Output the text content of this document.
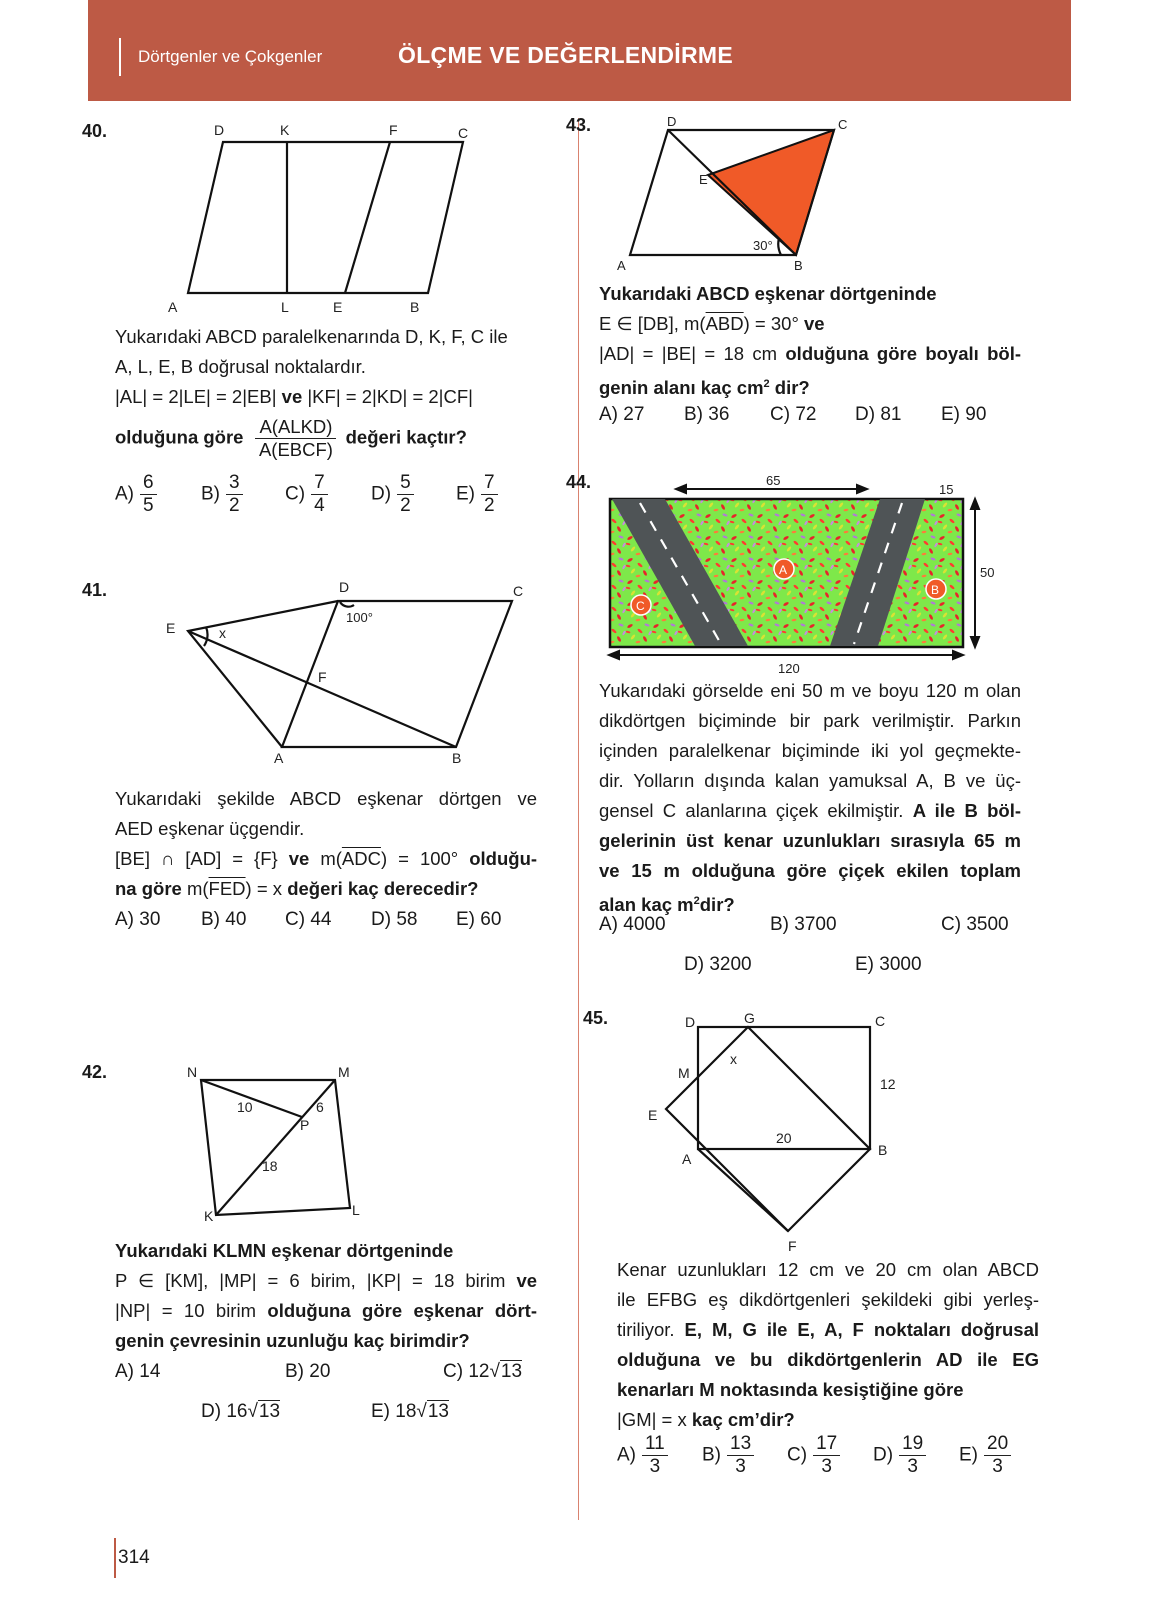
Dörtgenler ve Çokgenler	ÖLÇME VE DEĞERLENDİRME
40.	D	K	F	C
A	L	E	B

Yukarıdaki ABCD paralelkenarında D, K, F, C ile

A, L, E, B doğrusal noktalardır.

|AL| = 2|LE| = 2|EB| ve |KF| = 2|KD| = 2|CF|

olduğuna göre A(ALKD)
A(EBCF)
değeri kaçtır?

$A) \frac{6}{5} B) \frac{3}{2} C) \frac{7}{4} D) \frac{5}{2} E) \frac{7}{2}$
41.	D	C
E	x
100°
F
A	B

Yukarıdaki şekilde ABCD eşkenar dörtgen ve

AED eşkenar üçgendir.

[BE] ∩ [AD] = {F} ve $m(\overline{ADC}) = 100^\circ$ olduğu-

na göre $m(\overline{FED}) = x$ değeri kaç derecedir?

A) 30 B) 40 C) 44 D) 58 E) 60
42.	N	M
10	6
P
18
K	L

Yukarıdaki KLMN eşkenar dörtgeninde

P ∈ [KM], |MP| = 6 birim, |KP| = 18 birim ve

|NP| = 10 birim olduğuna göre eşkenar dört-

genin çevresinin uzunluğu kaç birimdir?

A) 14	B) 20	C) 12√13
D) 16√13	E) 18√13
43.	D	C
E
30°
A	B

Yukarıdaki ABCD eşkenar dörtgeninde

E ∈ [DB], $m(\overline{ABD}) = 30^\circ$ ve

|AD| = |BE| = 18 cm olduğuna göre boyalı böl-

genin alanı kaç $cm^2$ dir?

A) 27 B) 36 C) 72 D) 81 E) 90
44.	65
15
50
120
A
B
C

Yukarıdaki görselde eni 50 m ve boyu 120 m olan

dikdörtgen biçiminde bir park verilmiştir. Parkın

içinden paralelkenar biçiminde iki yol geçmekte-

dir. Yolların dışında kalan yamuksal A, B ve üç-

gensel C alanlarına çiçek ekilmiştir. A ile B böl-

gelerinin üst kenar uzunlukları sırasıyla 65 m

ve 15 m olduğuna göre çiçek ekilen toplam

alan kaç $m^2dir$?

A) 4000	B) 3700	C) 3500
D) 3200	E) 3000
45.	D	G	C
M
x
12
E
20
A
B
F

Kenar uzunlukları 12 cm ve 20 cm olan ABCD

ile EFBG eş dikdörtgenleri şekildeki gibi yerleş-

tiriliyor. E, M, G ile E, A, F noktaları doğrusal

olduğuna ve bu dikdörtgenlerin AD ile EG

kenarları M noktasında kesiştiğine göre

|GM| = x kaç cm’dir?

$A) \frac{11}{3} B) \frac{13}{3} C) \frac{17}{3} D) \frac{19}{3} E) \frac{20}{3}$
314
